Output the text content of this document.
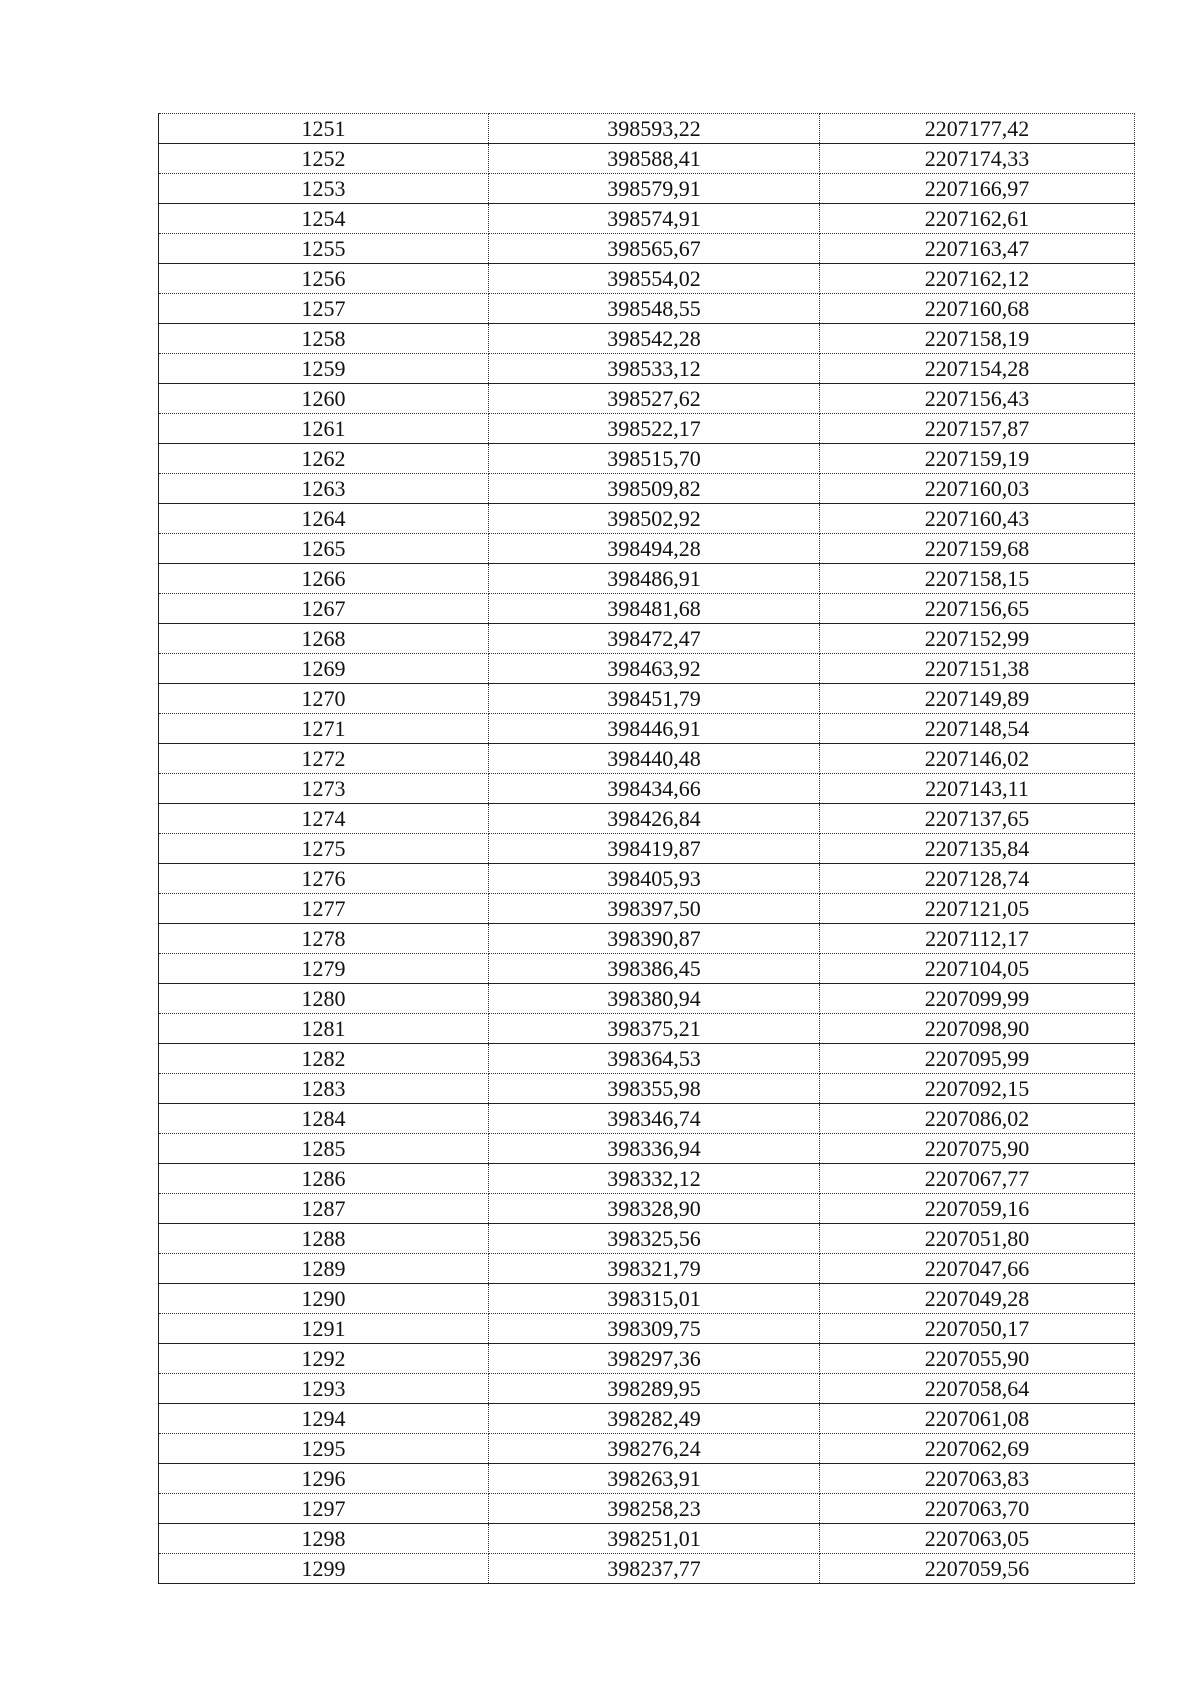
1251	398593,22	2207177,42
1252	398588,41	2207174,33
1253	398579,91	2207166,97
1254	398574,91	2207162,61
1255	398565,67	2207163,47
1256	398554,02	2207162,12
1257	398548,55	2207160,68
1258	398542,28	2207158,19
1259	398533,12	2207154,28
1260	398527,62	2207156,43
1261	398522,17	2207157,87
1262	398515,70	2207159,19
1263	398509,82	2207160,03
1264	398502,92	2207160,43
1265	398494,28	2207159,68
1266	398486,91	2207158,15
1267	398481,68	2207156,65
1268	398472,47	2207152,99
1269	398463,92	2207151,38
1270	398451,79	2207149,89
1271	398446,91	2207148,54
1272	398440,48	2207146,02
1273	398434,66	2207143,11
1274	398426,84	2207137,65
1275	398419,87	2207135,84
1276	398405,93	2207128,74
1277	398397,50	2207121,05
1278	398390,87	2207112,17
1279	398386,45	2207104,05
1280	398380,94	2207099,99
1281	398375,21	2207098,90
1282	398364,53	2207095,99
1283	398355,98	2207092,15
1284	398346,74	2207086,02
1285	398336,94	2207075,90
1286	398332,12	2207067,77
1287	398328,90	2207059,16
1288	398325,56	2207051,80
1289	398321,79	2207047,66
1290	398315,01	2207049,28
1291	398309,75	2207050,17
1292	398297,36	2207055,90
1293	398289,95	2207058,64
1294	398282,49	2207061,08
1295	398276,24	2207062,69
1296	398263,91	2207063,83
1297	398258,23	2207063,70
1298	398251,01	2207063,05
1299	398237,77	2207059,56
